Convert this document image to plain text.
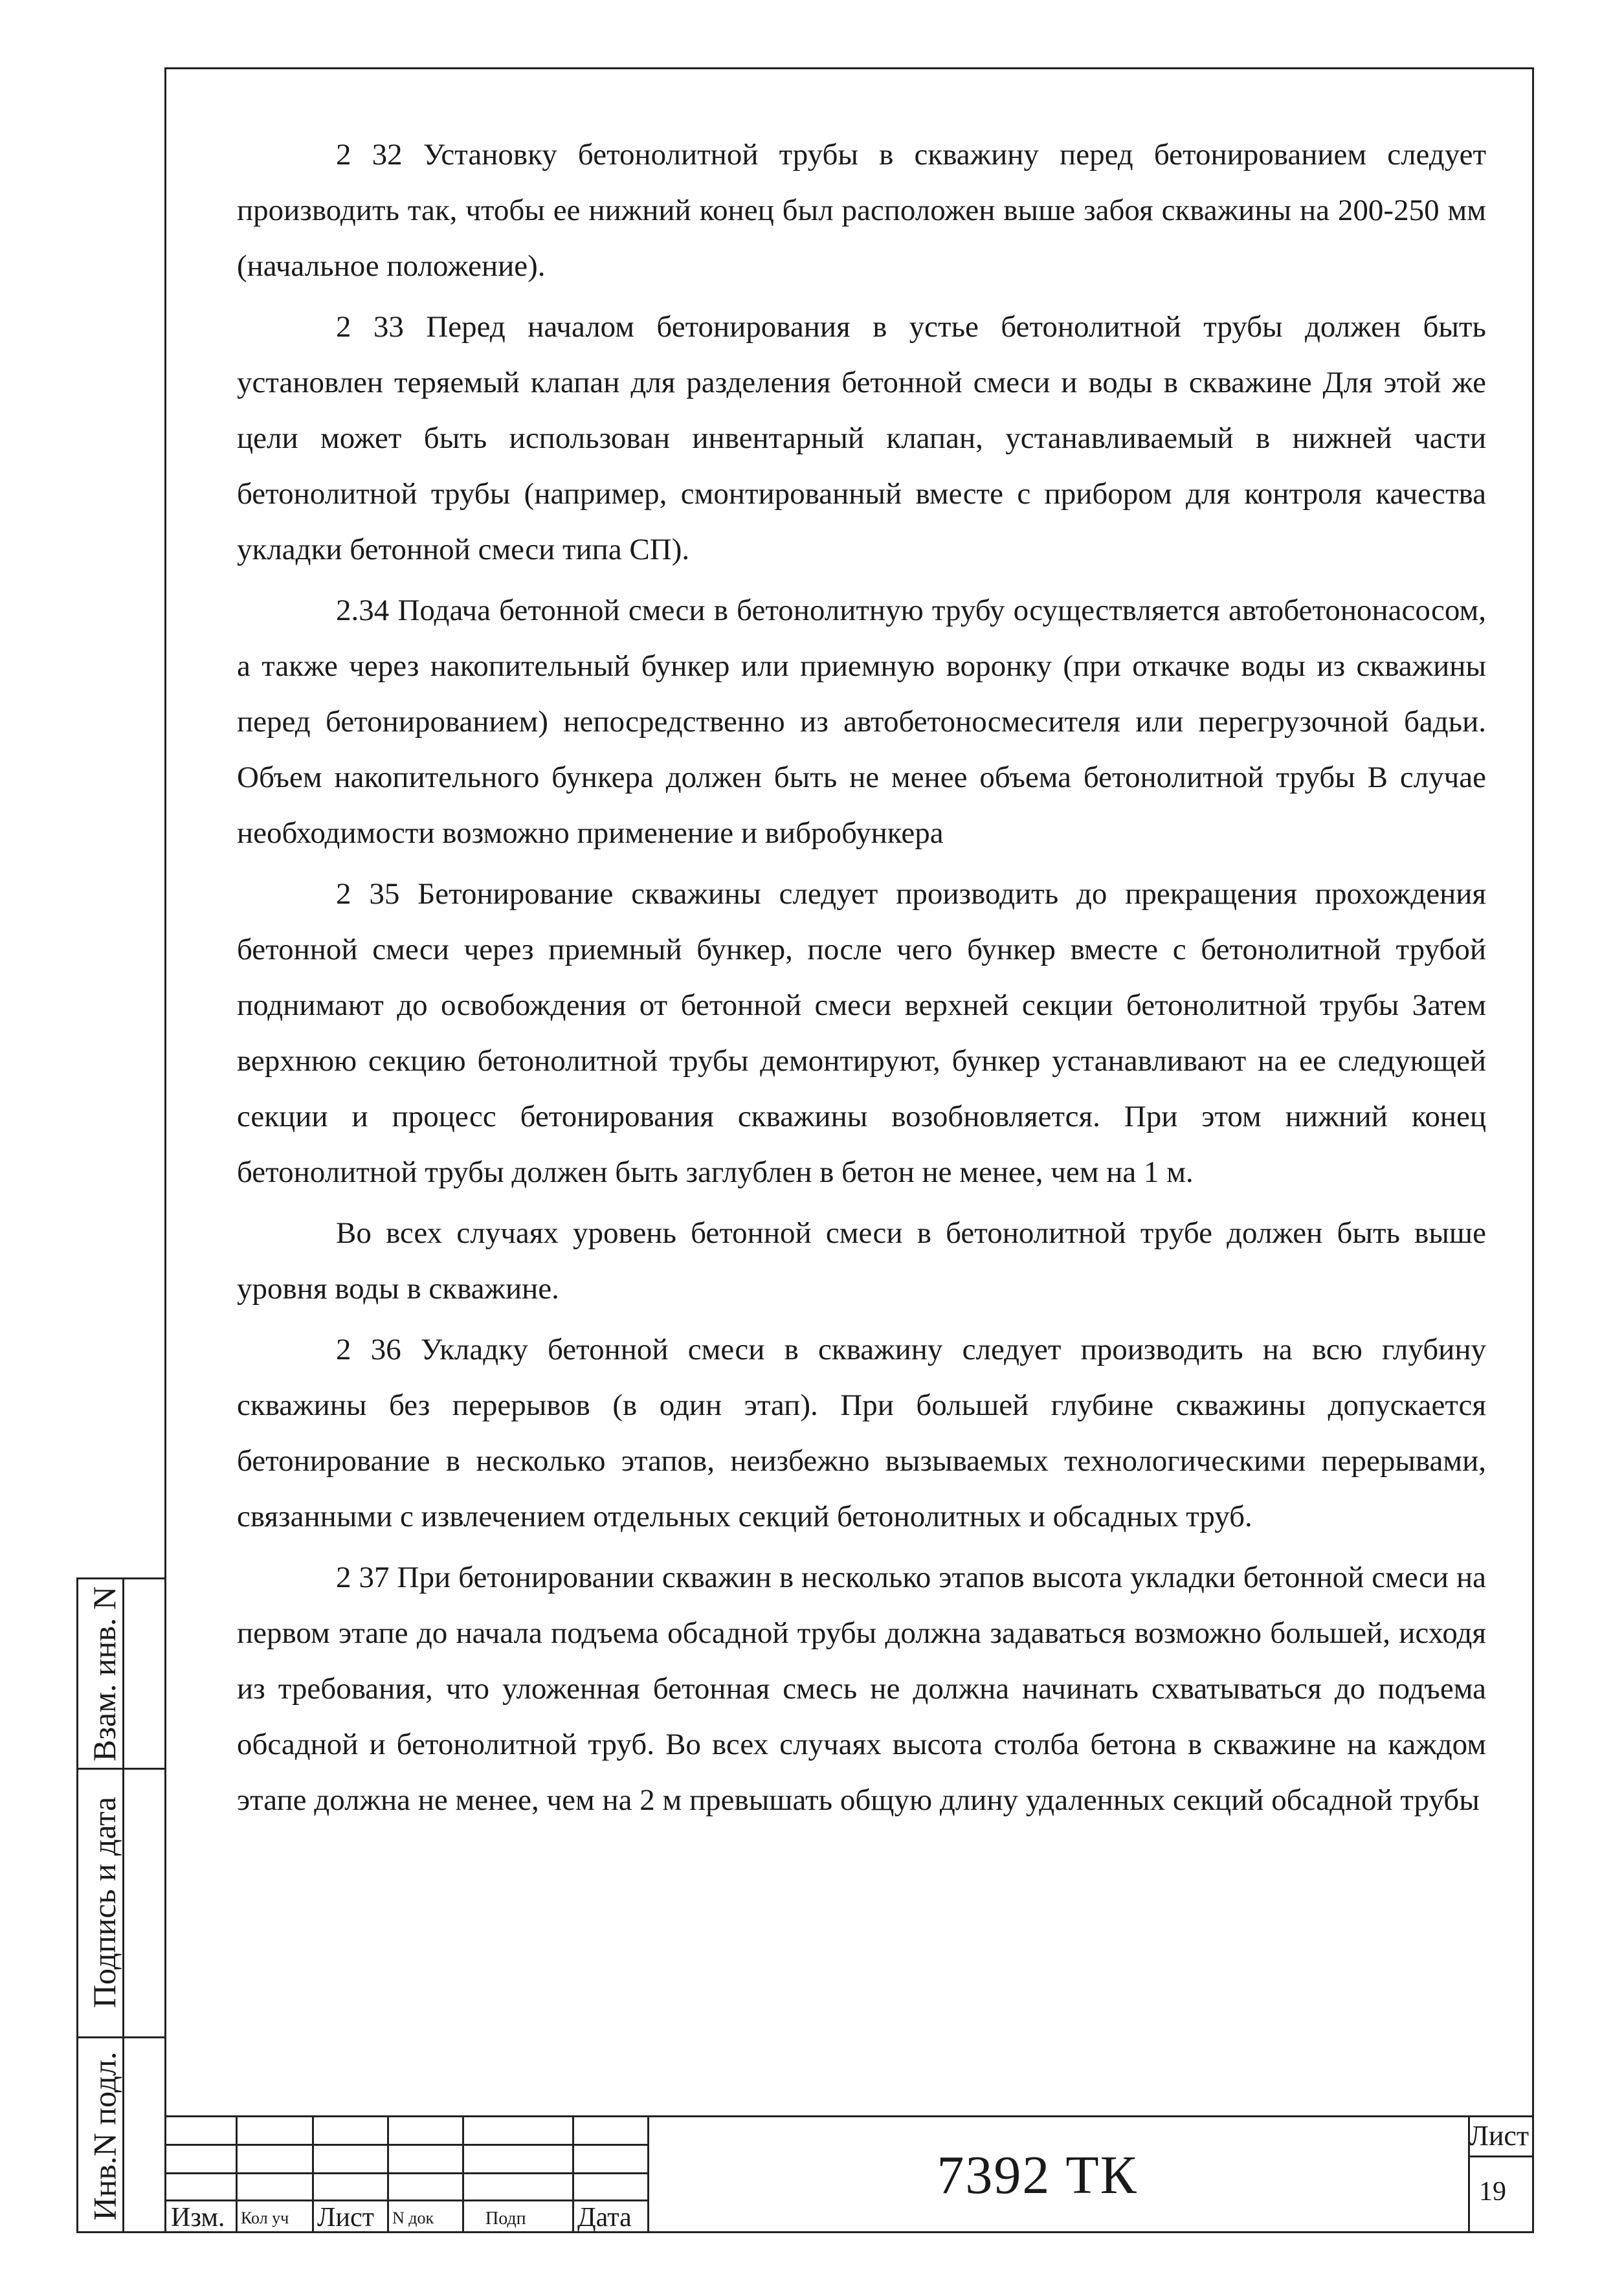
2 32 Установку бетонолитной трубы в скважину перед бетонированием следует производить так, чтобы ее нижний конец был расположен выше забоя скважины на 200-250 мм (начальное положение).

2 33 Перед началом бетонирования в устье бетонолитной трубы должен быть установлен теряемый клапан для разделения бетонной смеси и воды в скважине Для этой же цели может быть использован инвентарный клапан, устанавливаемый в нижней части бетонолитной трубы (например, смонтированный вместе с прибором для контроля качества укладки бетонной смеси типа СП).

2.34 Подача бетонной смеси в бетонолитную трубу осуществляется автобетононасосом, а также через накопительный бункер или приемную воронку (при откачке воды из скважины перед бетонированием) непосредственно из автобетоносмесителя или перегрузочной бадьи. Объем накопительного бункера должен быть не менее объема бетонолитной трубы В случае необходимости возможно применение и вибробункера

2 35 Бетонирование скважины следует производить до прекращения прохождения бетонной смеси через приемный бункер, после чего бункер вместе с бетонолитной трубой поднимают до освобождения от бетонной смеси верхней секции бетонолитной трубы Затем верхнюю секцию бетонолитной трубы демонтируют, бункер устанавливают на ее следующей секции и процесс бетонирования скважины возобновляется. При этом нижний конец бетонолитной трубы должен быть заглублен в бетон не менее, чем на 1 м.

Во всех случаях уровень бетонной смеси в бетонолитной трубе должен быть выше уровня воды в скважине.

2 36 Укладку бетонной смеси в скважину следует производить на всю глубину скважины без перерывов (в один этап). При большей глубине скважины допускается бетонирование в несколько этапов, неизбежно вызываемых технологическими перерывами, связанными с извлечением отдельных секций бетонолитных и обсадных труб.

2 37 При бетонировании скважин в несколько этапов высота укладки бетонной смеси на первом этапе до начала подъема обсадной трубы должна задаваться возможно большей, исходя из требования, что уложенная бетонная смесь не должна начинать схватываться до подъема обсадной и бетонолитной труб. Во всех случаях высота столба бетона в скважине на каждом этапе должна не менее, чем на 2 м превышать общую длину удаленных секций обсадной трубы

Взам. инв. N
Подпись и дата
Инв.N подл. Изм. Кол уч Лист N док	Подп Дата
7392 ТК
Лист
19
